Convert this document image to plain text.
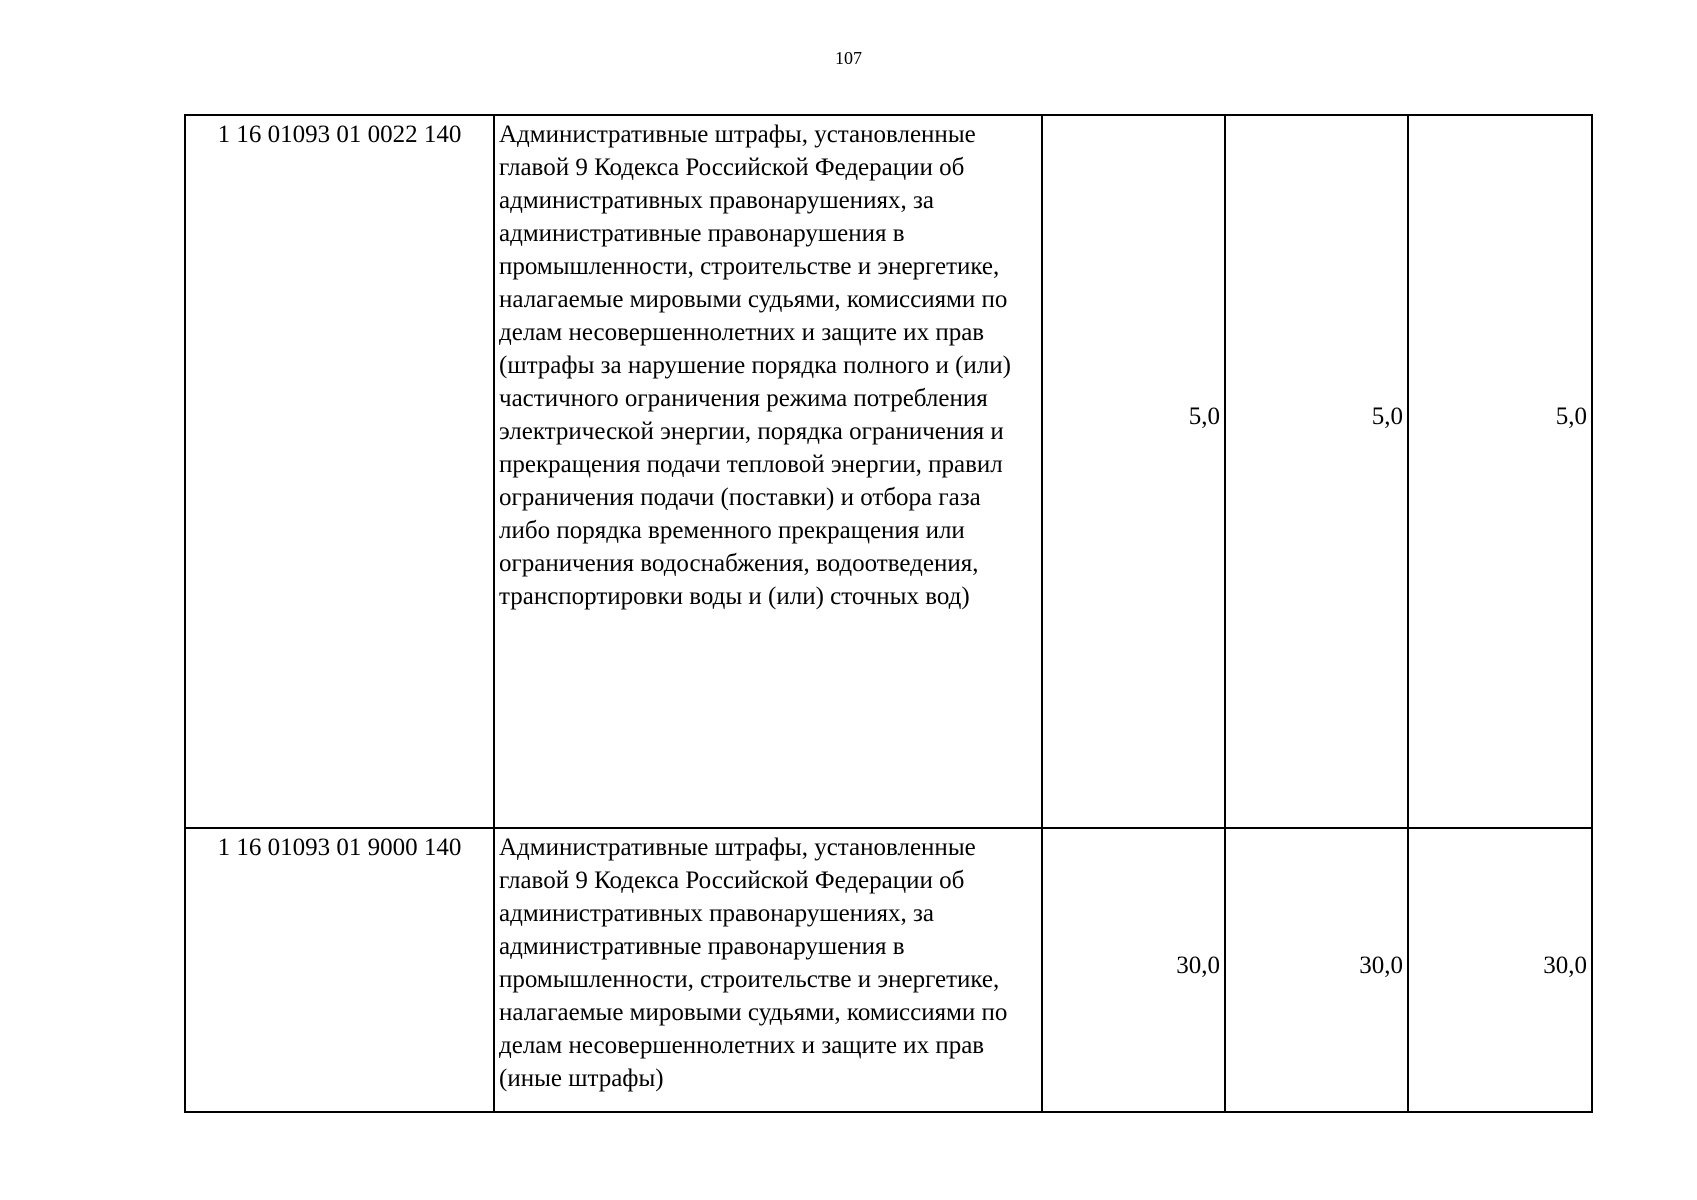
107
1 16 01093 01 0022 140	Административные штрафы, установленные главой 9 Кодекса Российской Федерации об административных правонарушениях, за административные правонарушения в промышленности, строительстве и энергетике, налагаемые мировыми судьями, комиссиями по делам несовершеннолетних и защите их прав (штрафы за нарушение порядка полного и (или) частичного ограничения режима потребления электрической энергии, порядка ограничения и прекращения подачи тепловой энергии, правил ограничения подачи (поставки) и отбора газа либо порядка временного прекращения или ограничения водоснабжения, водоотведения, транспортировки воды и (или) сточных вод)	5,0	5,0	5,0
1 16 01093 01 9000 140	Административные штрафы, установленные главой 9 Кодекса Российской Федерации об административных правонарушениях, за административные правонарушения в промышленности, строительстве и энергетике, налагаемые мировыми судьями, комиссиями по делам несовершеннолетних и защите их прав (иные штрафы)	30,0	30,0	30,0
